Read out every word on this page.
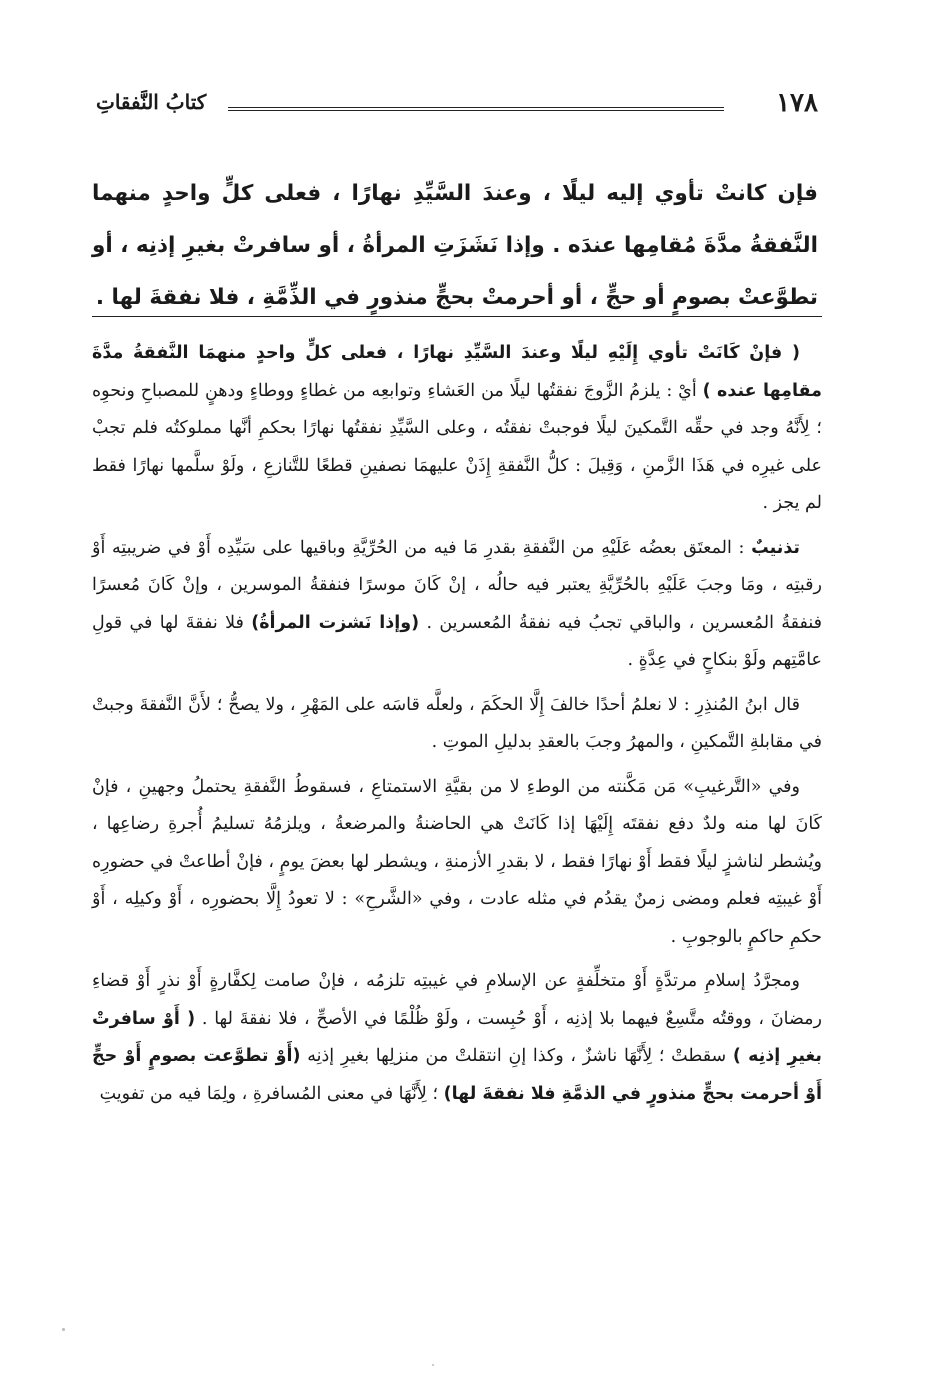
١٧٨
كتابُ النَّفقاتِ
فإن كانتْ تأوي إليه ليلًا ، وعندَ السَّيِّدِ نهارًا ، فعلى كلٍّ واحدٍ منهما النَّفقةُ مدَّةَ مُقامِها عندَه . وإذا نَشَزَتِ المرأةُ ، أو سافرتْ بغيرِ إذنِه ، أو تطوَّعتْ بصومٍ أو حجٍّ ، أو أحرمتْ بحجٍّ منذورٍ في الذِّمَّةِ ، فلا نفقةَ لها .

( فإنْ كَانَتْ تأوي إِلَيْهِ ليلًا وعندَ السَّيِّدِ نهارًا ، فعلى كلٍّ واحدٍ منهمَا النَّفقةُ مدَّةَ مقامِها عنده ) أيْ : يلزمُ الزَّوجَ نفقتُها ليلًا من العَشاءِ وتوابعِه من غطاءٍ ووطاءٍ ودهنٍ للمصباحِ ونحوِه ؛ لِأَنَّهُ وجد في حقِّه التَّمكينَ ليلًا فوجبتْ نفقتُه ، وعلى السَّيِّدِ نفقتُها نهارًا بحكمِ أنَّها مملوكتُه فلم تجبْ على غيرِه في هَذَا الزَّمنِ ، وَقِيلَ : كلُّ النَّفقةِ إِذَنْ عليهمَا نصفينِ قطعًا للتَّنازعِ ، ولَوْ سلَّمها نهارًا فقط لم يجز .

تذنيبٌ : المعتَق بعضُه عَلَيْهِ من النَّفقةِ بقدرِ مَا فيه من الحُرِّيَّةِ وباقيها على سَيِّدِه أَوْ في ضريبتِه أَوْ رقبتِه ، ومَا وجبَ عَلَيْهِ بالحُرِّيَّةِ يعتبر فيه حالُه ، إنْ كَانَ موسرًا فنفقةُ الموسرين ، وإنْ كَانَ مُعسرًا فنفقةُ المُعسرين ، والباقي تجبُ فيه نفقةُ المُعسرين . (وإذا نَشزت المرأةُ) فلا نفقةَ لها في قولِ عامَّتِهم ولَوْ بنكاحٍ في عِدَّةٍ .

قال ابنُ المُنذِرِ : لا نعلمُ أحدًا خالفَ إِلَّا الحكَمَ ، ولعلَّه قاسَه على المَهْرِ ، ولا يصحُّ ؛ لأَنَّ النَّفقةَ وجبتْ في مقابلةِ التَّمكينِ ، والمهرُ وجبَ بالعقدِ بدليلِ الموتِ .

وفي «التَّرغيبِ» مَن مَكَّنته من الوطءِ لا من بقيَّةِ الاستمتاعِ ، فسقوطُ النَّفقةِ يحتملُ وجهينِ ، فإنْ كَانَ لها منه ولدٌ دفع نفقتَه إِلَيْهَا إذا كَانَتْ هي الحاضنةُ والمرضعةُ ، ويلزمُهُ تسليمُ أُجرةِ رضاعِها ، ويُشطر لناشزٍ ليلًا فقط أَوْ نهارًا فقط ، لا بقدرِ الأزمنةِ ، ويشطر لها بعضَ يومٍ ، فإنْ أطاعتْ في حضورِه أَوْ غيبتِه فعلم ومضى زمنٌ يقدُم في مثله عادت ، وفي «الشَّرحِ» : لا تعودُ إِلَّا بحضورِه ، أَوْ وكيلِه ، أَوْ حكمِ حاكمٍ بالوجوبِ .

ومجرَّدُ إسلامِ مرتدَّةٍ أَوْ متخلِّفةٍ عن الإسلامِ في غيبتِه تلزمُه ، فإنْ صامت لِكفَّارةٍ أَوْ نذرٍ أَوْ قضاءِ رمضانَ ، ووقتُه متَّسِعٌ فيهما بلا إذنِه ، أَوْ حُبِست ، ولَوْ ظُلْمًا في الأصحِّ ، فلا نفقةَ لها . ( أَوْ سافرتْ بغيرِ إذنِه ) سقطتْ ؛ لِأَنَّهَا ناشزٌ ، وكذا إنِ انتقلتْ من منزلِها بغيرِ إذنِه (أَوْ تطوَّعت بصومٍ أَوْ حجٍّ أَوْ أحرمت بحجٍّ منذورٍ في الذمَّةِ فلا نفقةَ لها) ؛ لِأَنَّهَا في معنى المُسافرةِ ، ولِمَا فيه من تفويتِ
